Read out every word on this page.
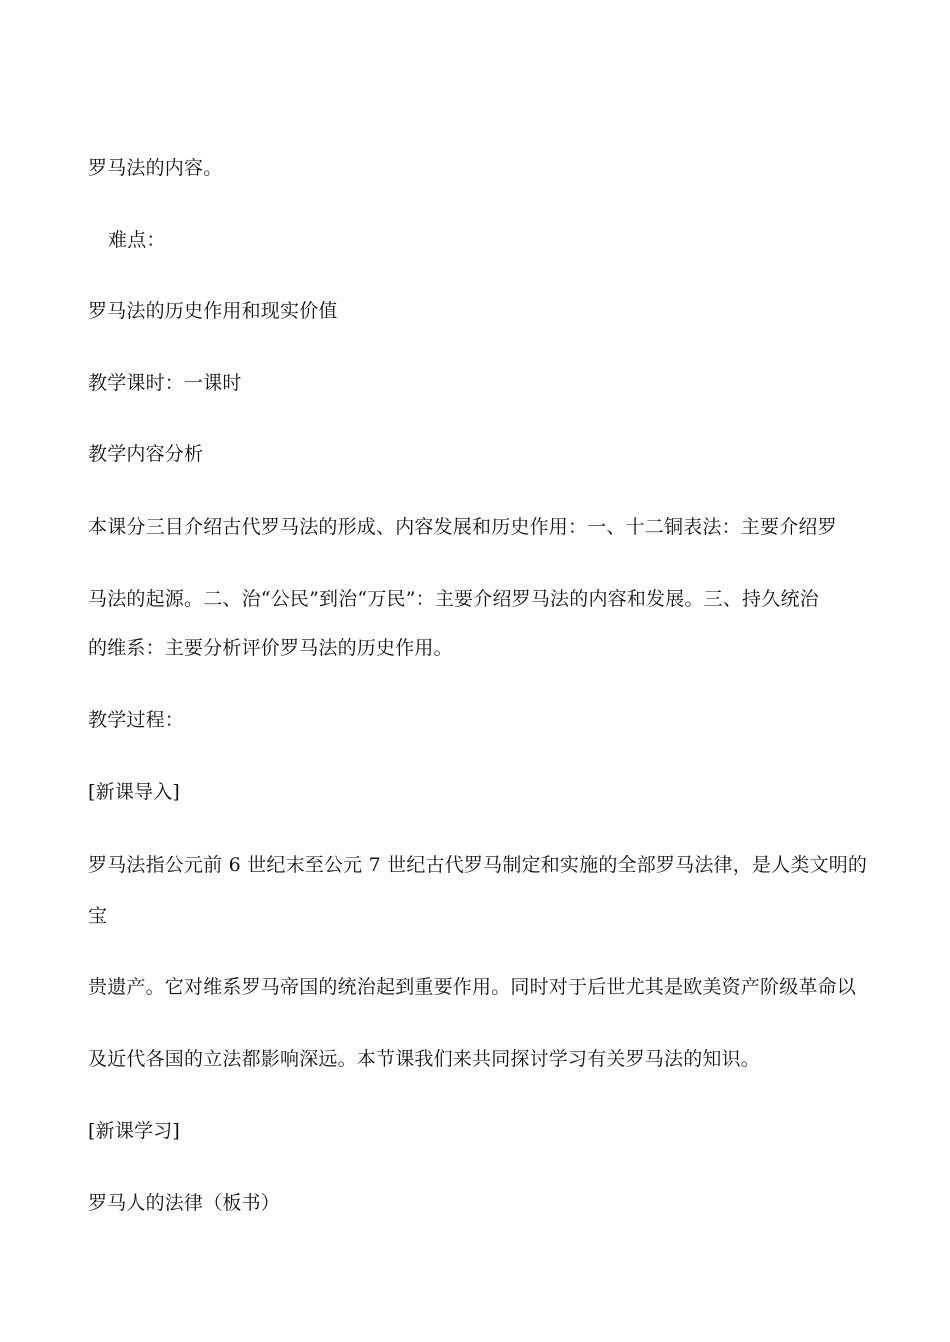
罗马法的内容。
难点：
罗马法的历史作用和现实价值
教学课时：一课时
教学内容分析
本课分三目介绍古代罗马法的形成、内容发展和历史作用：一、十二铜表法：主要介绍罗
马法的起源。二、治“公民”到治“万民”：主要介绍罗马法的内容和发展。三、持久统治
的维系：主要分析评价罗马法的历史作用。
教学过程：
[新课导入]
罗马法指公元前 6 世纪末至公元 7 世纪古代罗马制定和实施的全部罗马法律，是人类文明的
宝
贵遗产。它对维系罗马帝国的统治起到重要作用。同时对于后世尤其是欧美资产阶级革命以
及近代各国的立法都影响深远。本节课我们来共同探讨学习有关罗马法的知识。
[新课学习]
罗马人的法律（板书）
